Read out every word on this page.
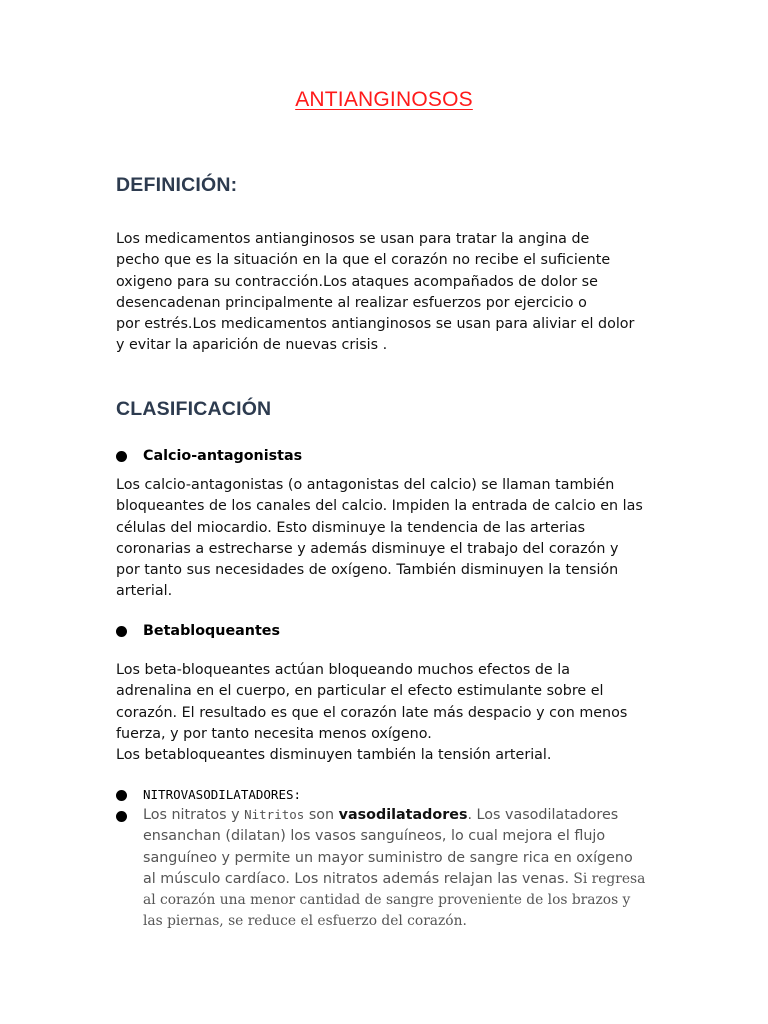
ANTIANGINOSOS
DEFINICIÓN:
Los medicamentos antianginosos se usan para tratar la angina de
pecho que es la situación en la que el corazón no recibe el suficiente
oxigeno para su contracción.Los ataques acompañados de dolor se
desencadenan principalmente al realizar esfuerzos por ejercicio o
por estrés.Los medicamentos antianginosos se usan para aliviar el dolor
y evitar la aparición de nuevas crisis .
CLASIFICACIÓN
Calcio-antagonistas
Los calcio-antagonistas (o antagonistas del calcio) se llaman también
bloqueantes de los canales del calcio. Impiden la entrada de calcio en las
células del miocardio. Esto disminuye la tendencia de las arterias
coronarias a estrecharse y además disminuye el trabajo del corazón y
por tanto sus necesidades de oxígeno. También disminuyen la tensión
arterial.
Betabloqueantes
Los beta-bloqueantes actúan bloqueando muchos efectos de la
adrenalina en el cuerpo, en particular el efecto estimulante sobre el
corazón. El resultado es que el corazón late más despacio y con menos
fuerza, y por tanto necesita menos oxígeno.
Los betabloqueantes disminuyen también la tensión arterial.
NITROVASODILATADORES:
Los nitratos y Nitritos son vasodilatadores. Los vasodilatadores
ensanchan (dilatan) los vasos sanguíneos, lo cual mejora el flujo
sanguíneo y permite un mayor suministro de sangre rica en oxígeno
al músculo cardíaco. Los nitratos además relajan las venas. Si regresa
al corazón una menor cantidad de sangre proveniente de los brazos y
las piernas, se reduce el esfuerzo del corazón.
